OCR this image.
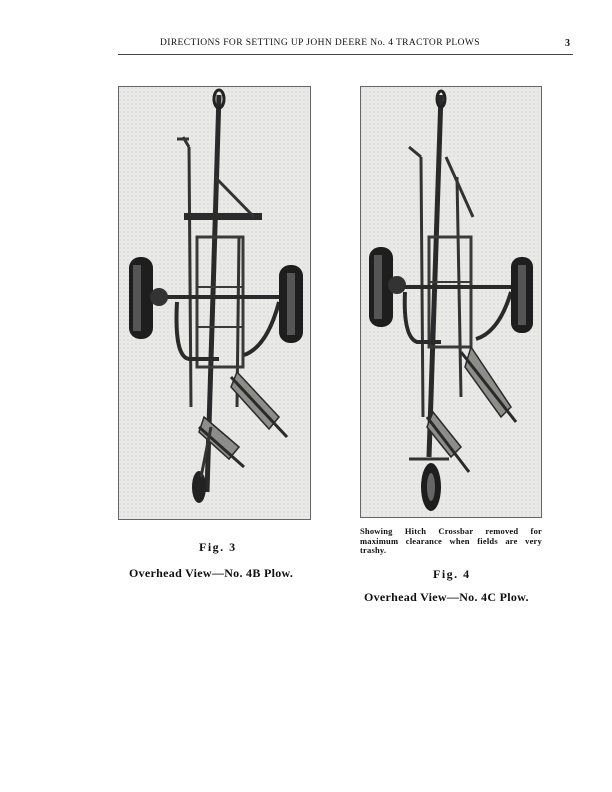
DIRECTIONS FOR SETTING UP JOHN DEERE No. 4 TRACTOR PLOWS	3
Fig. 3
Overhead View—No. 4B Plow.
Showing Hitch Crossbar removed for maximum clearance when fields are very trashy.
Fig. 4
Overhead View—No. 4C Plow.
